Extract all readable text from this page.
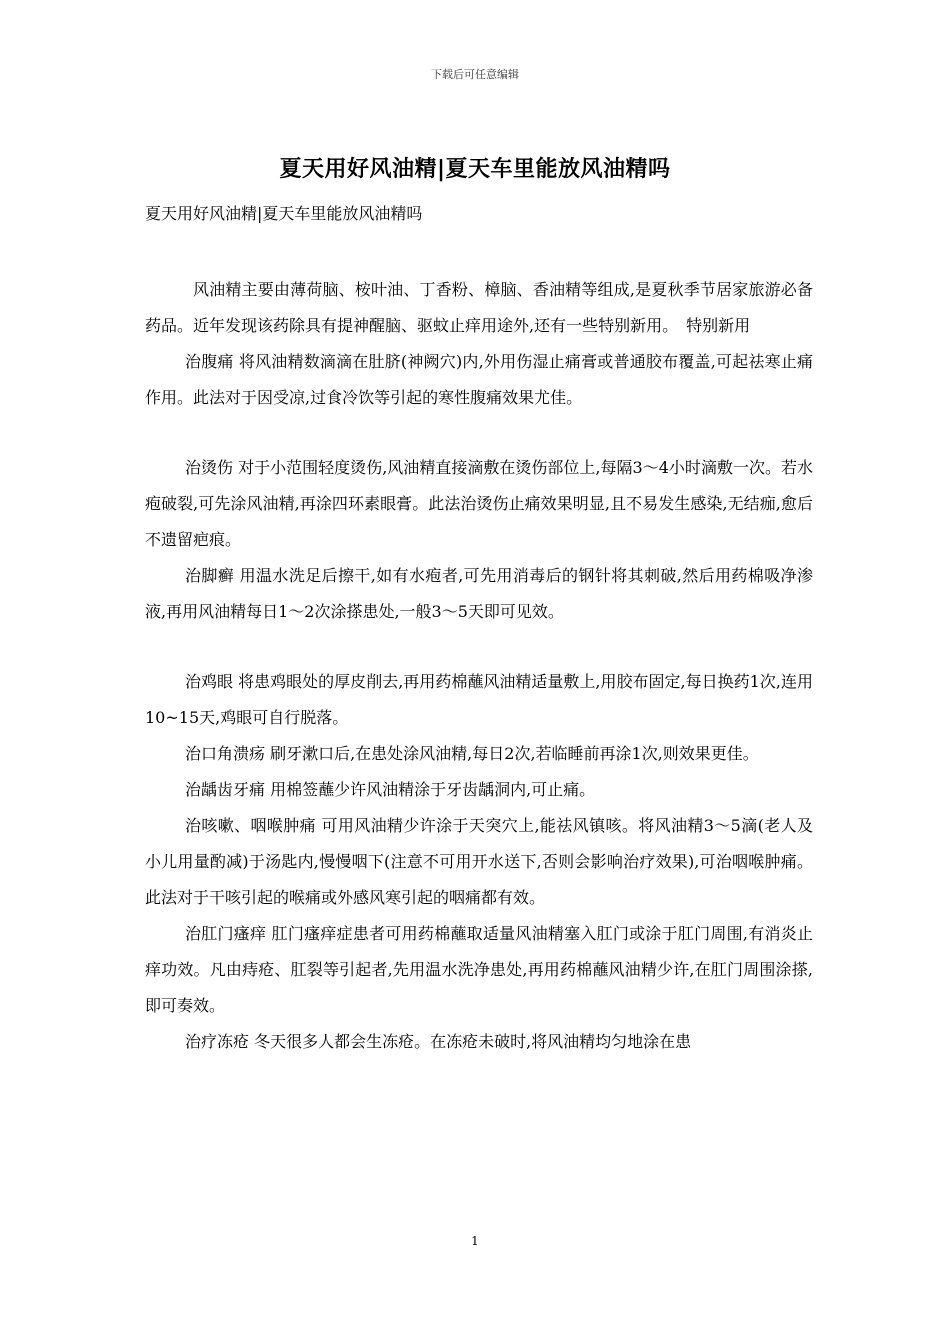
下载后可任意编辑
夏天用好风油精|夏天车里能放风油精吗
夏天用好风油精|夏天车里能放风油精吗

风油精主要由薄荷脑、桉叶油、丁香粉、樟脑、香油精等组成,是夏秋季节居家旅游必备药品。近年发现该药除具有提神醒脑、驱蚊止痒用途外,还有一些特别新用。　特别新用

治腹痛 将风油精数滴滴在肚脐(神阙穴)内,外用伤湿止痛膏或普通胶布覆盖,可起祛寒止痛作用。此法对于因受凉,过食冷饮等引起的寒性腹痛效果尤佳。

治烫伤 对于小范围轻度烫伤,风油精直接滴敷在烫伤部位上,每隔3～4小时滴敷一次。若水疱破裂,可先涂风油精,再涂四环素眼膏。此法治烫伤止痛效果明显,且不易发生感染,无结痂,愈后不遗留疤痕。

治脚癣 用温水洗足后擦干,如有水疱者,可先用消毒后的钢针将其刺破,然后用药棉吸净渗液,再用风油精每日1～2次涂搽患处,一般3～5天即可见效。

治鸡眼 将患鸡眼处的厚皮削去,再用药棉蘸风油精适量敷上,用胶布固定,每日换药1次,连用10~15天,鸡眼可自行脱落。

治口角溃疡 刷牙漱口后,在患处涂风油精,每日2次,若临睡前再涂1次,则效果更佳。

治龋齿牙痛 用棉签蘸少许风油精涂于牙齿龋洞内,可止痛。

治咳嗽、咽喉肿痛 可用风油精少许涂于天突穴上,能祛风镇咳。将风油精3～5滴(老人及小儿用量酌减)于汤匙内,慢慢咽下(注意不可用开水送下,否则会影响治疗效果),可治咽喉肿痛。此法对于干咳引起的喉痛或外感风寒引起的咽痛都有效。

治肛门瘙痒 肛门瘙痒症患者可用药棉蘸取适量风油精塞入肛门或涂于肛门周围,有消炎止痒功效。凡由痔疮、肛裂等引起者,先用温水洗净患处,再用药棉蘸风油精少许,在肛门周围涂搽,即可奏效。

治疗冻疮 冬天很多人都会生冻疮。在冻疮未破时,将风油精均匀地涂在患

1
